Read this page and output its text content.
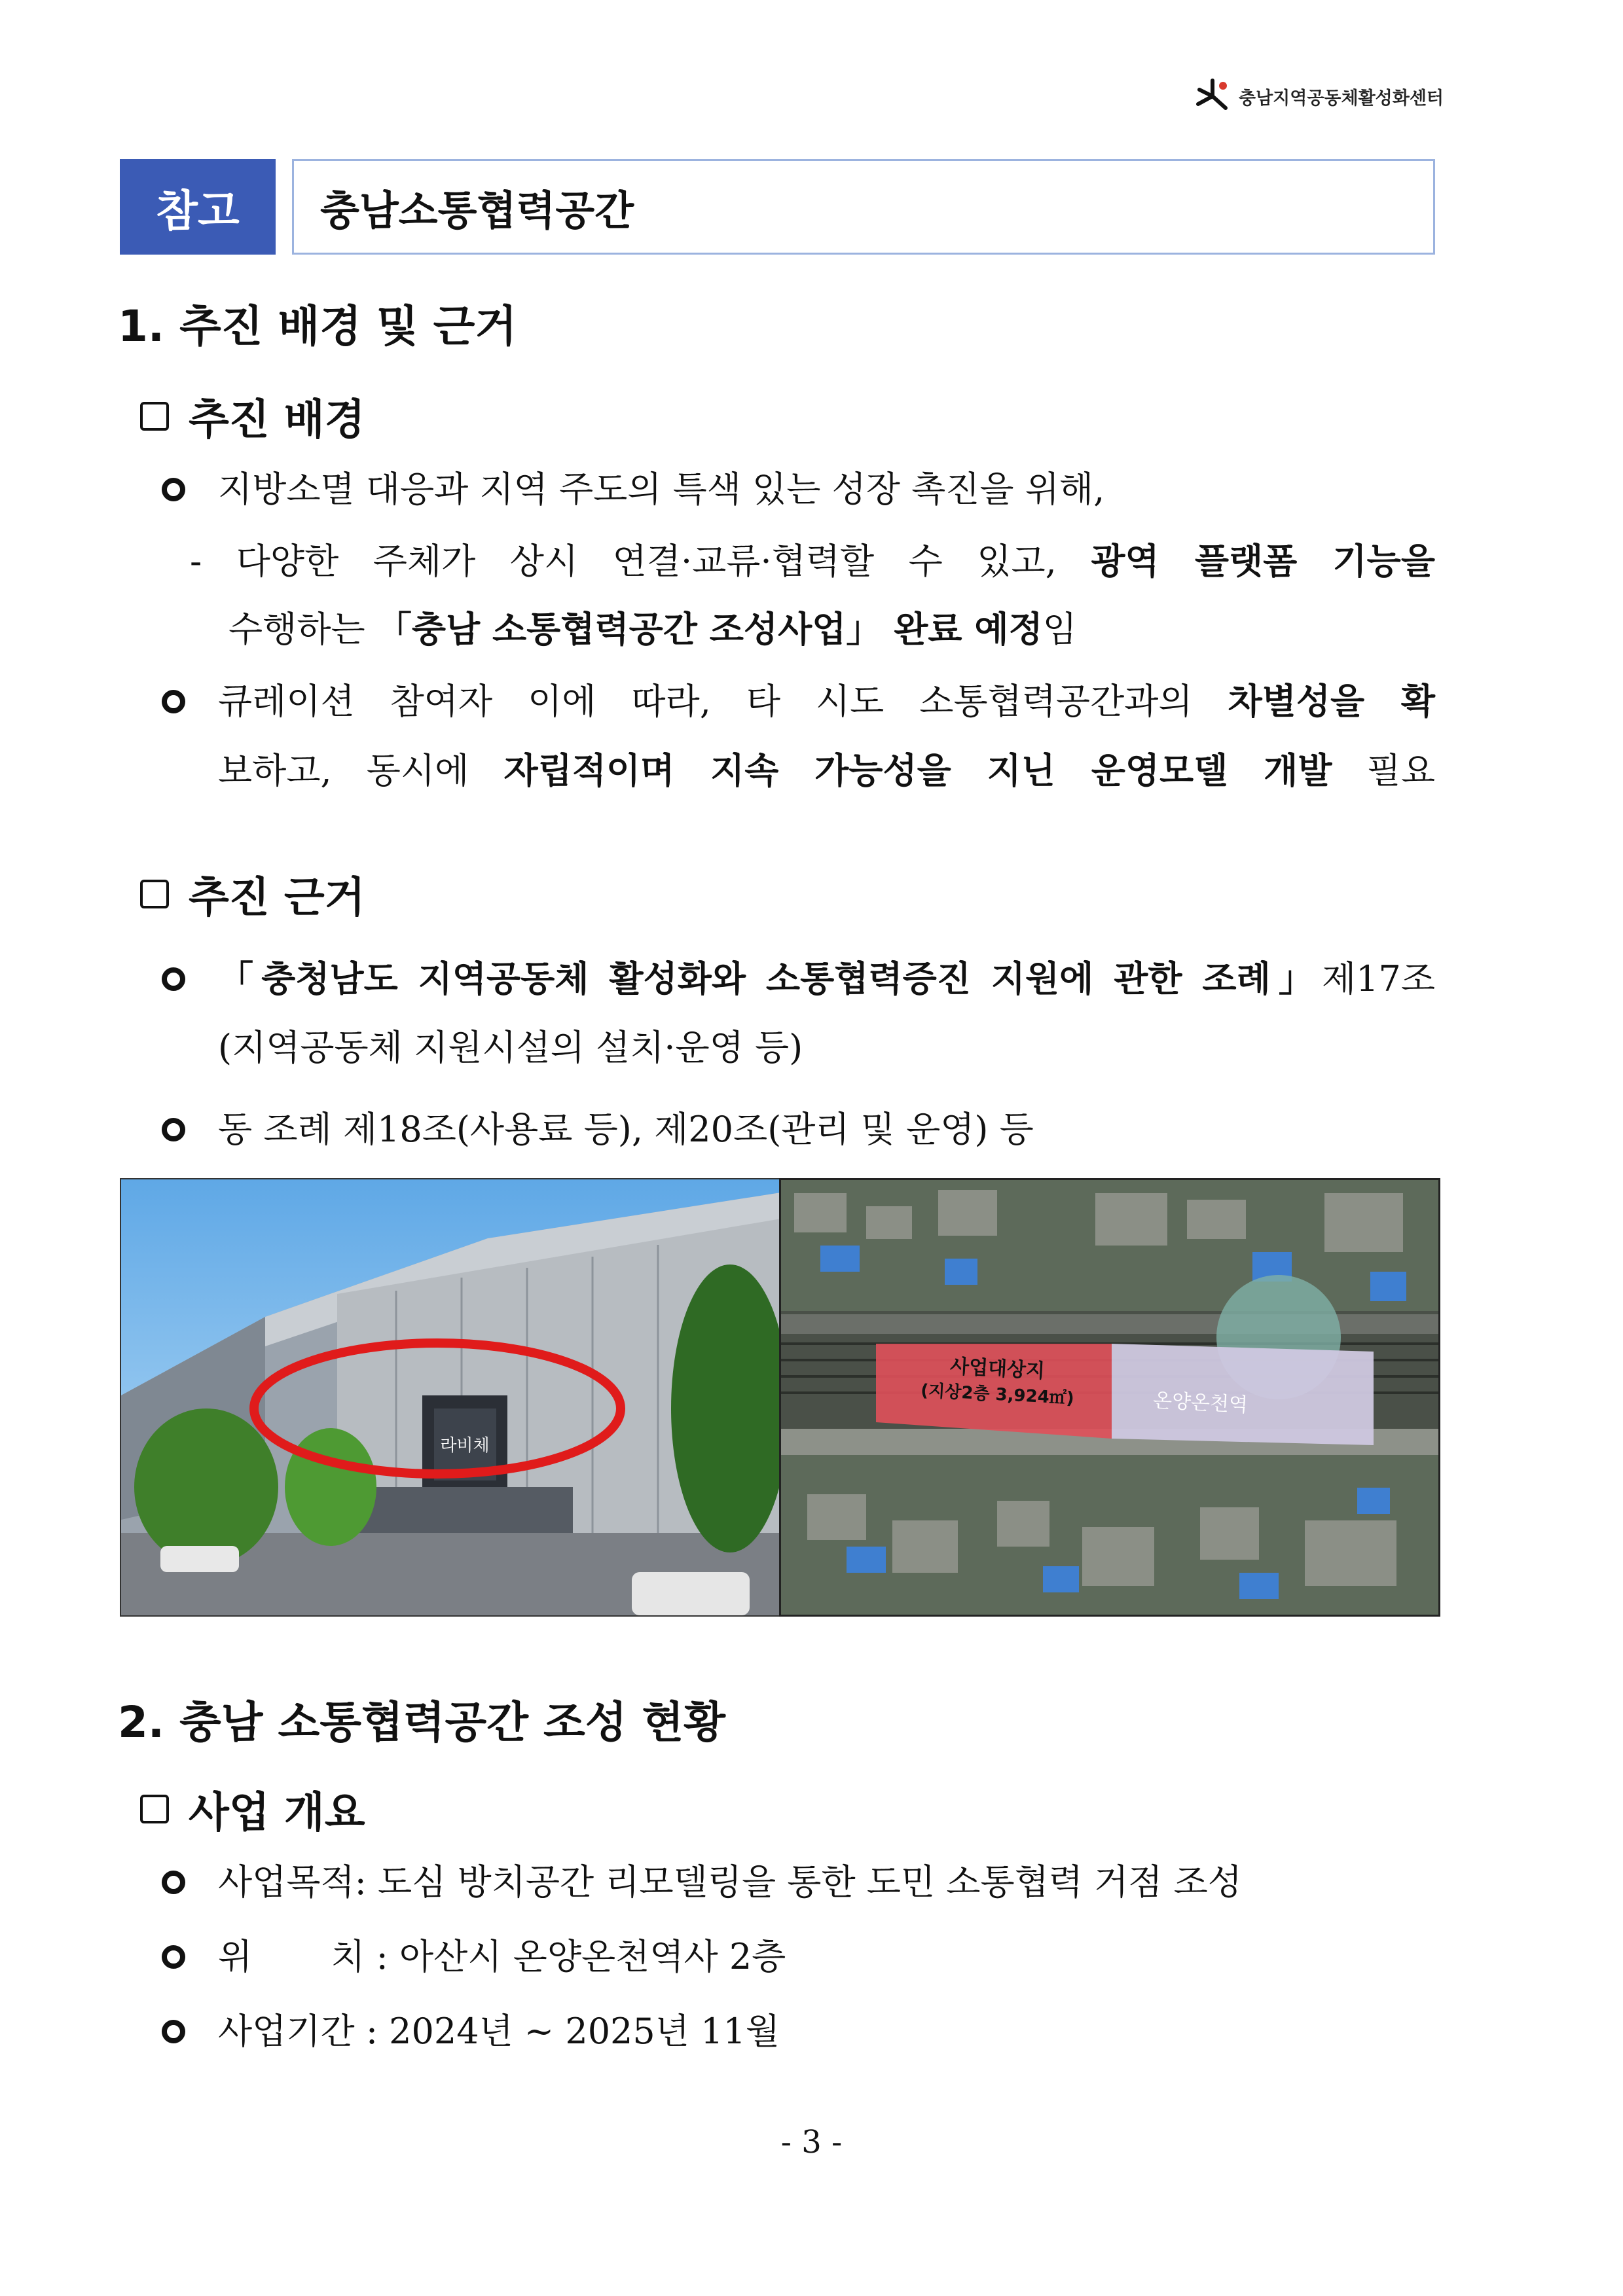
충남지역공동체활성화센터
참고	충남소통협력공간
1. 추진 배경 및 근거
추진 배경
지방소멸 대응과 지역 주도의 특색 있는 성장 촉진을 위해,
- 다양한 주체가 상시 연결·교류·협력할 수 있고, 광역 플랫폼 기능을
수행하는 「충남 소통협력공간 조성사업」 완료 예정임
큐레이션 참여자 이에 따라, 타 시도 소통협력공간과의 차별성을 확
보하고, 동시에 자립적이며 지속 가능성을 지닌 운영모델 개발 필요
추진 근거
「충청남도 지역공동체 활성화와 소통협력증진 지원에 관한 조례」제17조
(지역공동체 지원시설의 설치·운영 등)
동 조례 제18조(사용료 등), 제20조(관리 및 운영) 등
라비체
사업대상지
(지상2층 3,924㎡)	온양온천역
2. 충남 소통협력공간 조성 현황
사업 개요
사업목적: 도심 방치공간 리모델링을 통한 도민 소통협력 거점 조성
위       치 : 아산시 온양온천역사 2층
사업기간 : 2024년 ~ 2025년 11월
- 3 -
